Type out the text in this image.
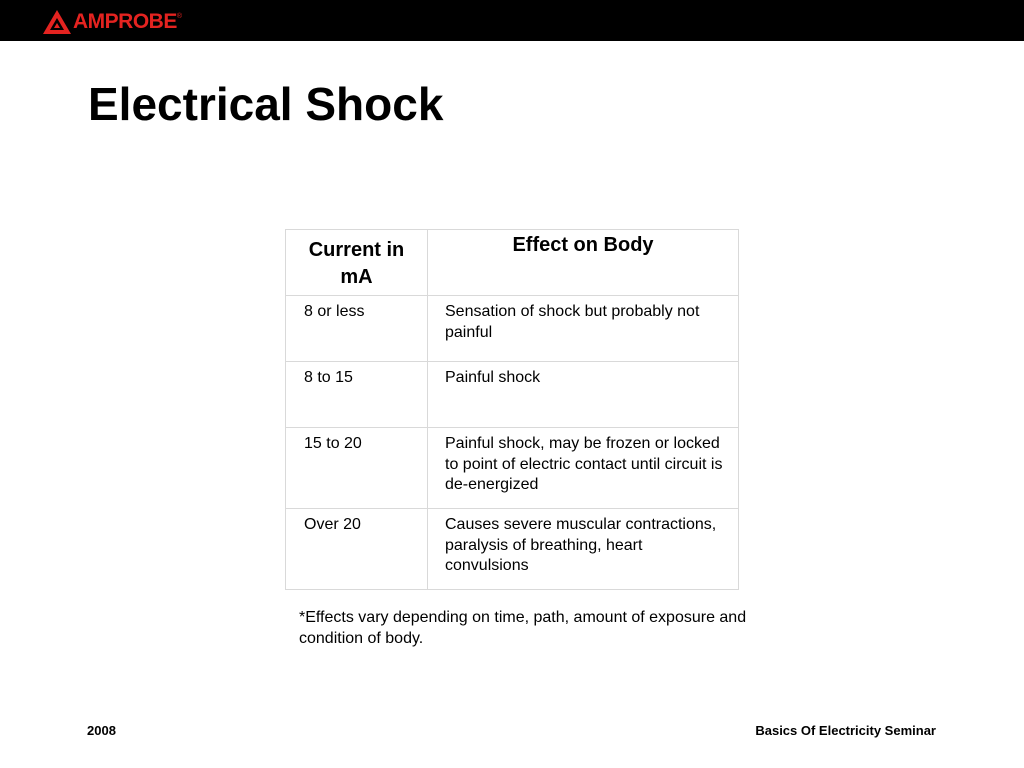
AMPROBE ®
Electrical Shock
Current in mA	Effect on Body
8 or less	Sensation of shock but probably not painful
8 to 15	Painful shock
15 to 20	Painful shock, may be frozen or locked to point of electric contact until circuit is de-energized
Over 20	Causes severe muscular contractions, paralysis of breathing, heart convulsions

*Effects vary depending on time, path, amount of exposure and condition of body.

2008	Basics Of Electricity Seminar
